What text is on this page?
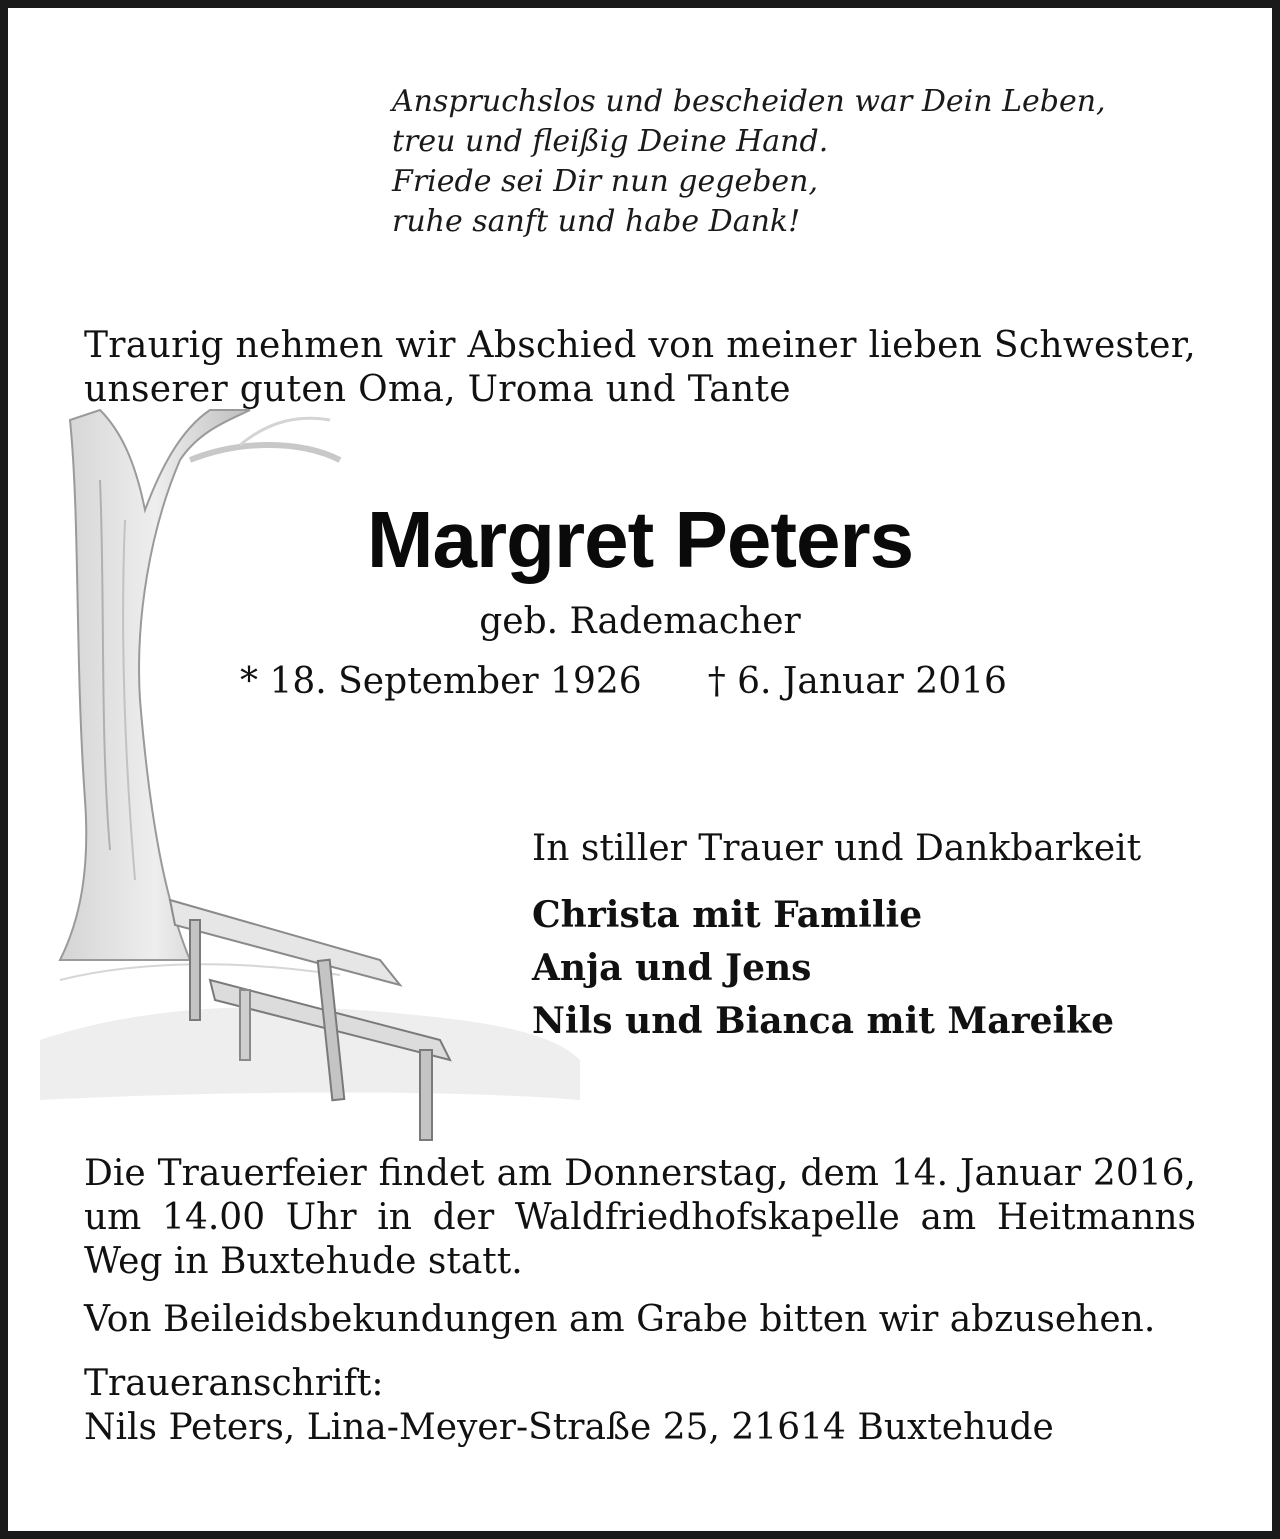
Anspruchslos und bescheiden war Dein Leben,
treu und fleißig Deine Hand.
Friede sei Dir nun gegeben,
ruhe sanft und habe Dank!

Traurig nehmen wir Abschied von meiner lieben Schwester, unserer guten Oma, Uroma und Tante

Margret Peters
geb. Rademacher
* 18. September 1926 † 6. Januar 2016
In stiller Trauer und Dankbarkeit
Christa mit Familie
Anja und Jens
Nils und Bianca mit Mareike

Die Trauerfeier findet am Donnerstag, dem 14. Januar 2016, um 14.00 Uhr in der Waldfriedhofskapelle am Heitmanns Weg in Buxtehude statt.

Von Beileidsbekundungen am Grabe bitten wir abzusehen.

Traueranschrift:

Nils Peters, Lina-Meyer-Straße 25, 21614 Buxtehude
